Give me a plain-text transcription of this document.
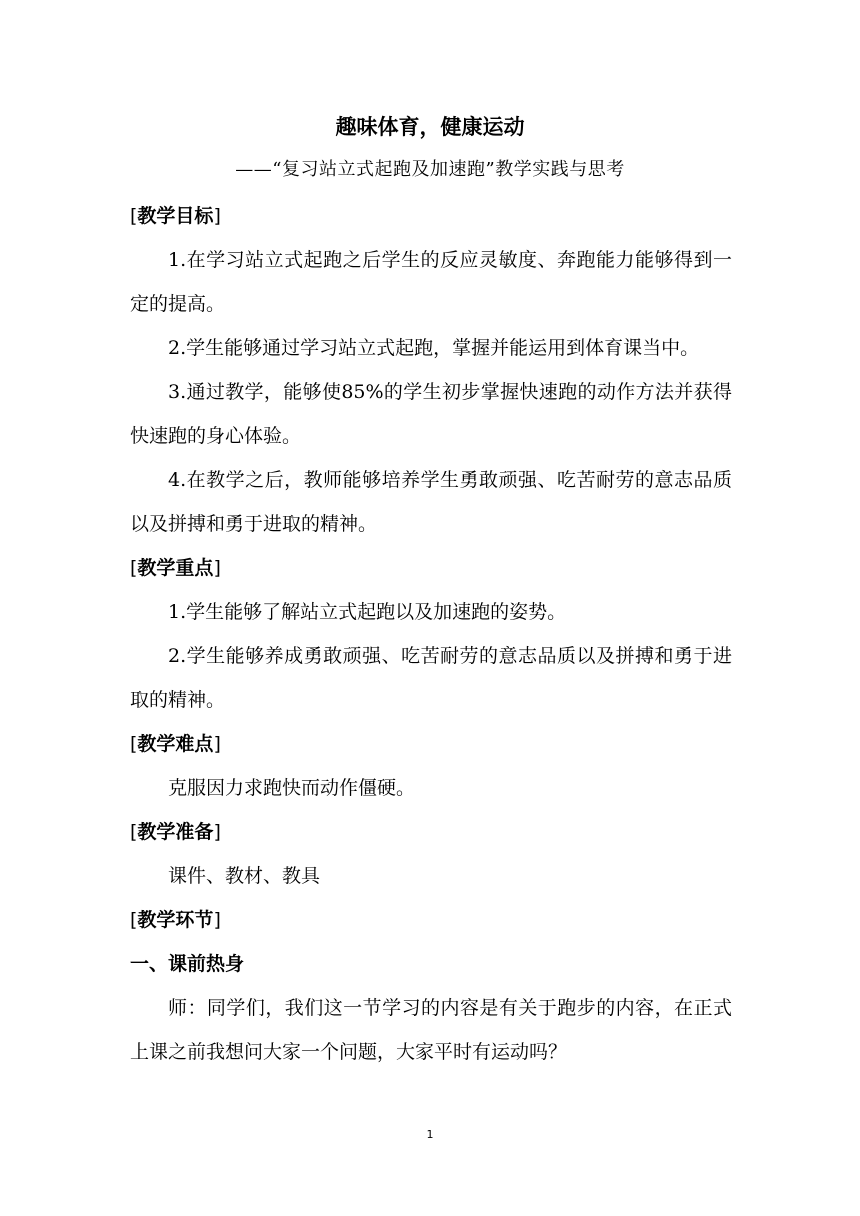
趣味体育，健康运动
——“复习站立式起跑及加速跑”教学实践与思考

[教学目标]

1.在学习站立式起跑之后学生的反应灵敏度、奔跑能力能够得到一定的提高。

2.学生能够通过学习站立式起跑，掌握并能运用到体育课当中。

3.通过教学，能够使85%的学生初步掌握快速跑的动作方法并获得快速跑的身心体验。

4.在教学之后，教师能够培养学生勇敢顽强、吃苦耐劳的意志品质以及拼搏和勇于进取的精神。

[教学重点]

1.学生能够了解站立式起跑以及加速跑的姿势。

2.学生能够养成勇敢顽强、吃苦耐劳的意志品质以及拼搏和勇于进取的精神。

[教学难点]

克服因力求跑快而动作僵硬。

[教学准备]

课件、教材、教具

[教学环节]

一、课前热身

师：同学们，我们这一节学习的内容是有关于跑步的内容，在正式上课之前我想问大家一个问题，大家平时有运动吗？

1
